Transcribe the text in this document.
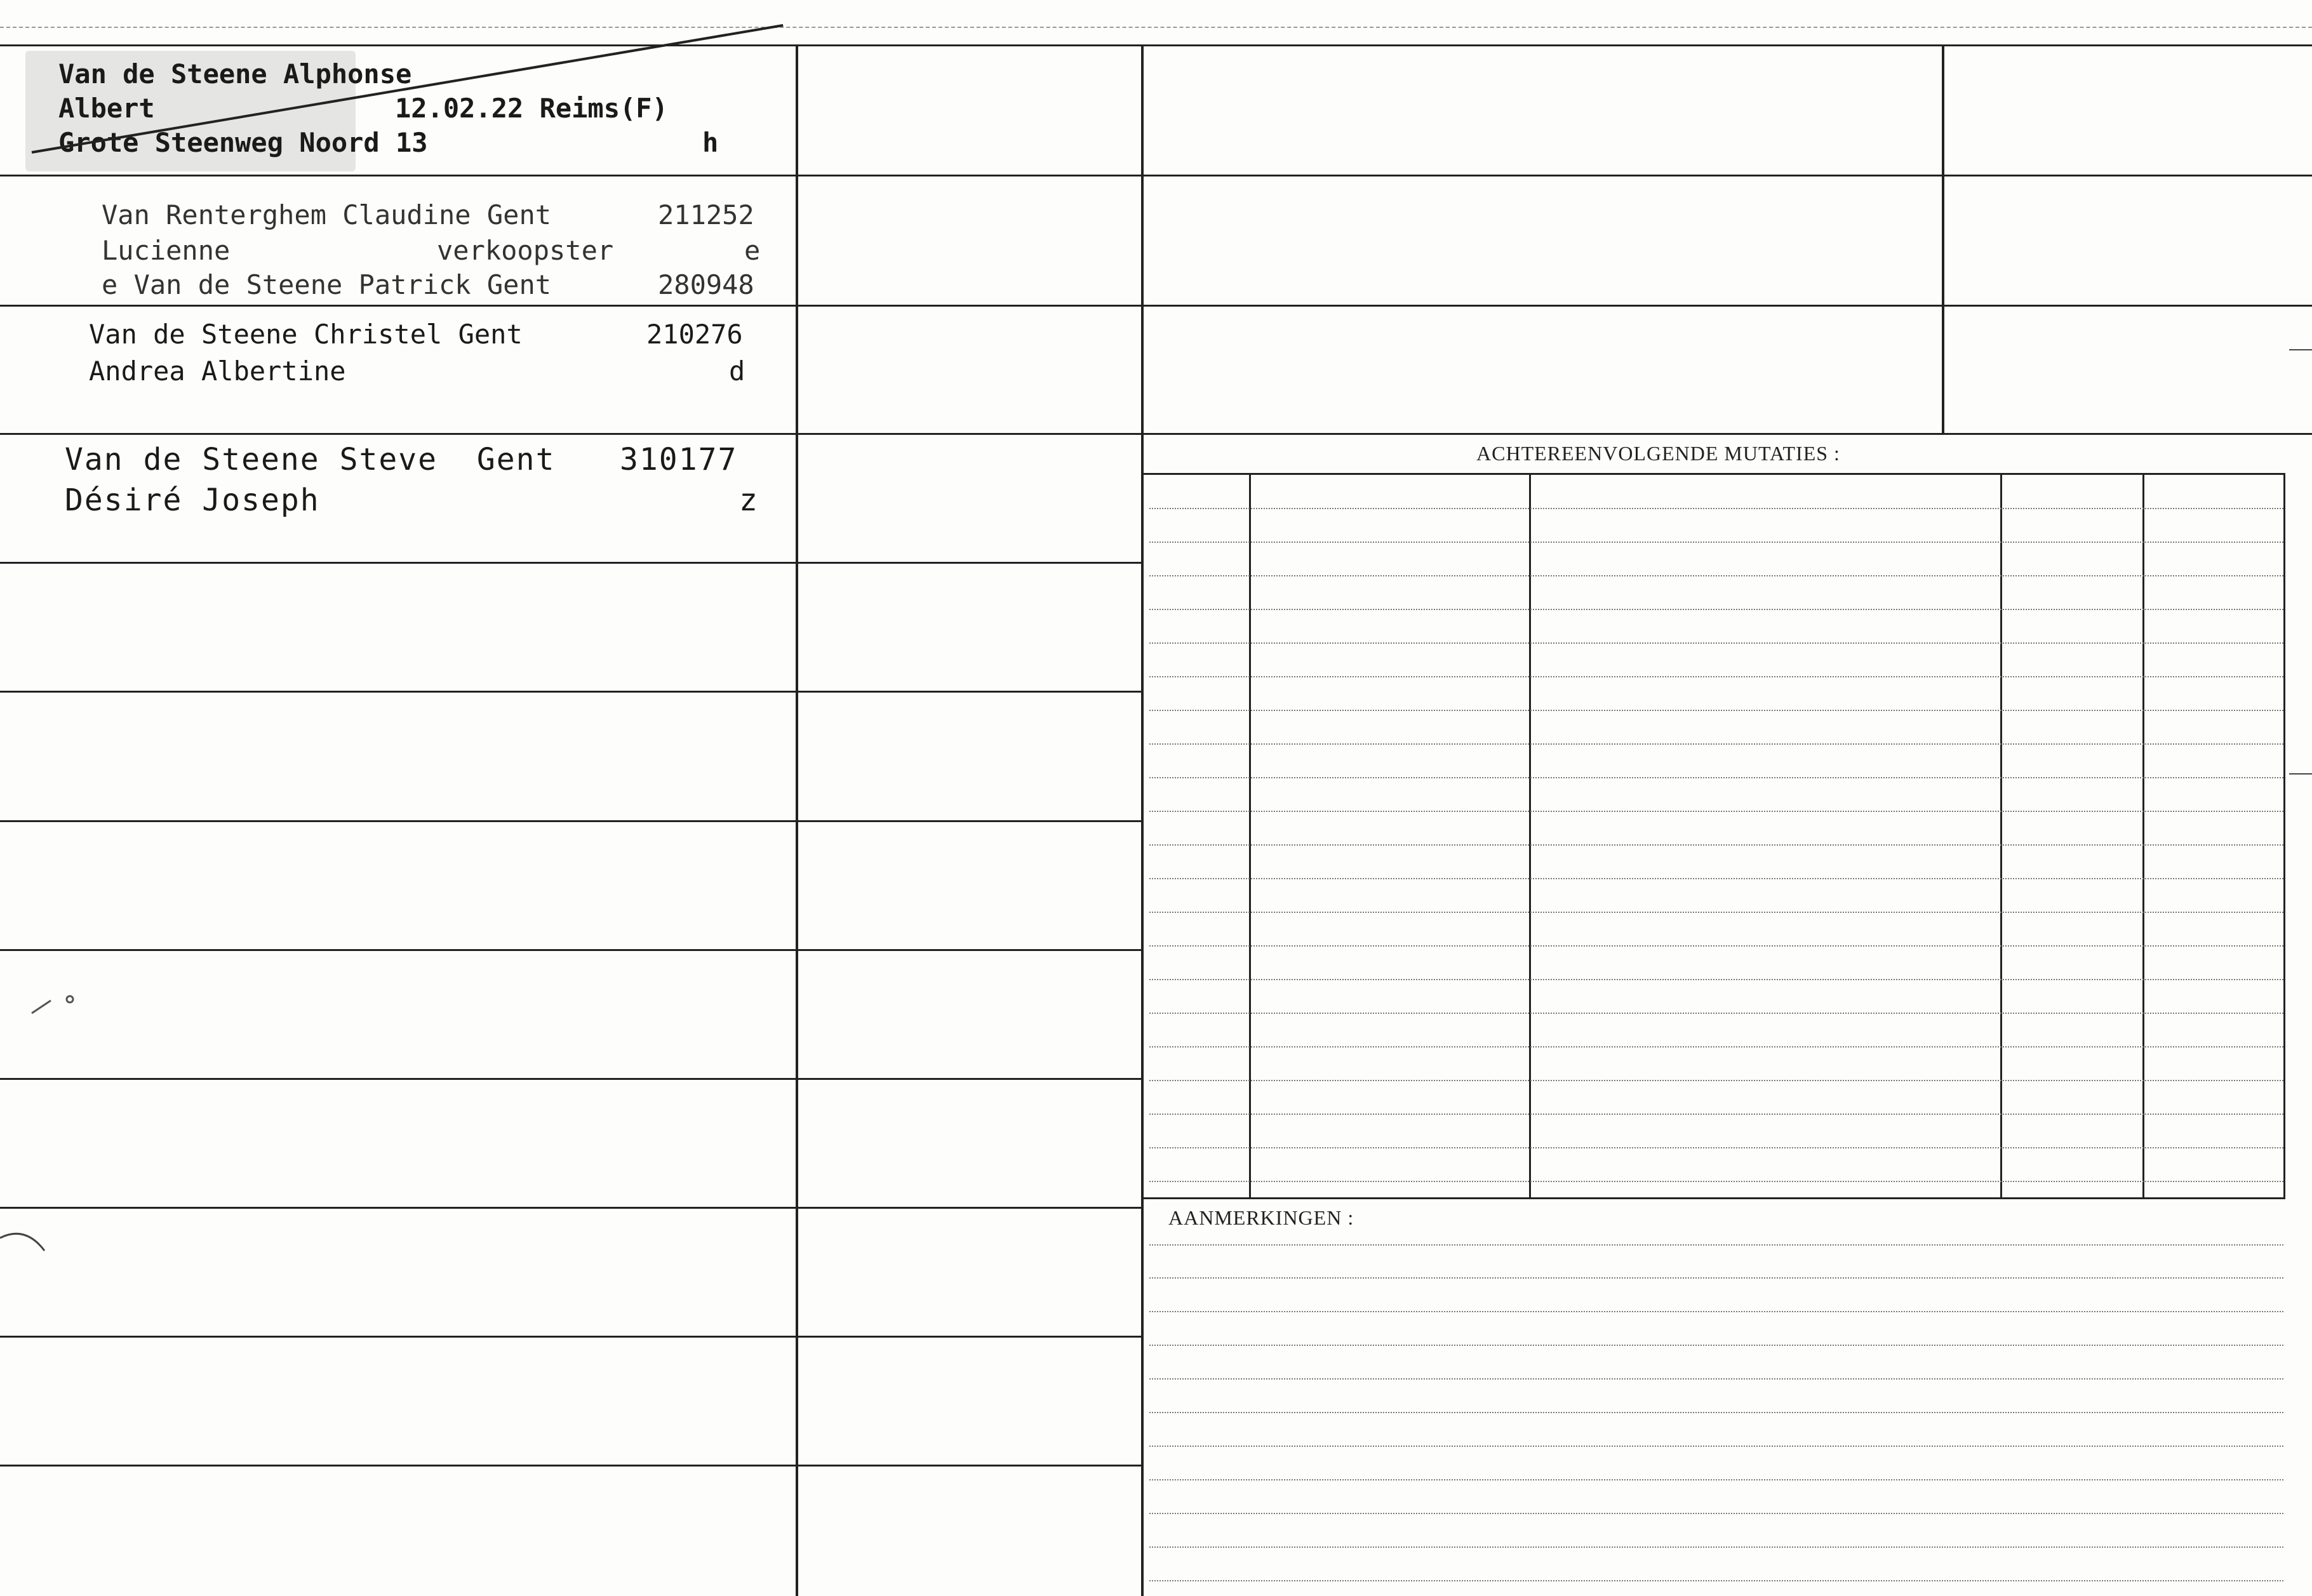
ACHTEREENVOLGENDE MUTATIES :
AANMERKINGEN :
Van de Steene Alphonse
Albert	12.02.22 Reims(F)
Grote Steenweg Noord 13	h
Van Renterghem Claudine Gent	211252
Lucienne	verkoopster	e
e Van de Steene Patrick Gent	280948
Van de Steene Christel Gent	210276
Andrea Albertine	d
Van de Steene Steve  Gent 310177
Désiré Joseph	z
